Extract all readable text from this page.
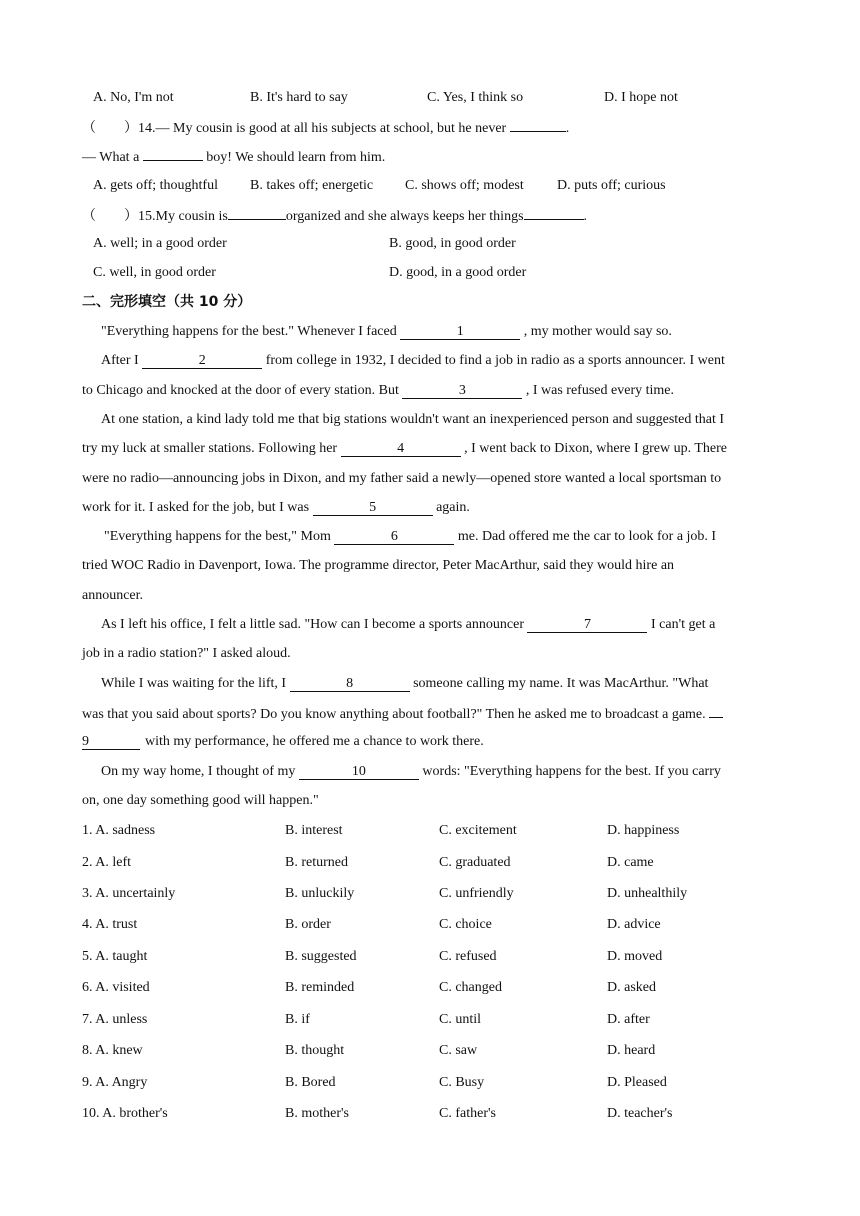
A. No, I'm not	B. It's hard to say	C. Yes, I think so	D. I hope not
（　　）14.— My cousin is good at all his subjects at school, but he never	.
— What a	boy! We should learn from him.
A. gets off; thoughtful B. takes off; energetic C. shows off; modest D. puts off; curious
（　　）15.My cousin is	organized and she always keeps her things	.
A. well; in a good order	B. good, in good order
C. well, in good order	D. good, in a good order
二、完形填空（共 10 分）
"Everything happens for the best." Whenever I faced	1	, my mother would say so.
After I	2	from college in 1932, I decided to find a job in radio as a sports announcer. I went
to Chicago and knocked at the door of every station. But	3	, I was refused every time.
At one station, a kind lady told me that big stations wouldn't want an inexperienced person and suggested that I
try my luck at smaller stations. Following her	4	, I went back to Dixon, where I grew up. There
were no radio—announcing jobs in Dixon, and my father said a newly—opened store wanted a local sportsman to
work for it. I asked for the job, but I was	5	again.
"Everything happens for the best," Mom	6	me. Dad offered me the car to look for a job. I
tried WOC Radio in Davenport, Iowa. The programme director, Peter MacArthur, said they would hire an
announcer.
As I left his office, I felt a little sad. "How can I become a sports announcer	7	I can't get a
job in a radio station?" I asked aloud.
While I was waiting for the lift, I	8	someone calling my name. It was MacArthur. "What
was that you said about sports? Do you know anything about football?" Then he asked me to broadcast a game.
9	with my performance, he offered me a chance to work there.
On my way home, I thought of my	10	words: "Everything happens for the best. If you carry
on, one day something good will happen."
1. A. sadness	B. interest	C. excitement	D. happiness
2. A. left	B. returned	C. graduated	D. came
3. A. uncertainly	B. unluckily	C. unfriendly	D. unhealthily
4. A. trust	B. order	C. choice	D. advice
5. A. taught	B. suggested	C. refused	D. moved
6. A. visited	B. reminded	C. changed	D. asked
7. A. unless	B. if	C. until	D. after
8. A. knew	B. thought	C. saw	D. heard
9. A. Angry	B. Bored	C. Busy	D. Pleased
10. A. brother's	B. mother's	C. father's	D. teacher's
